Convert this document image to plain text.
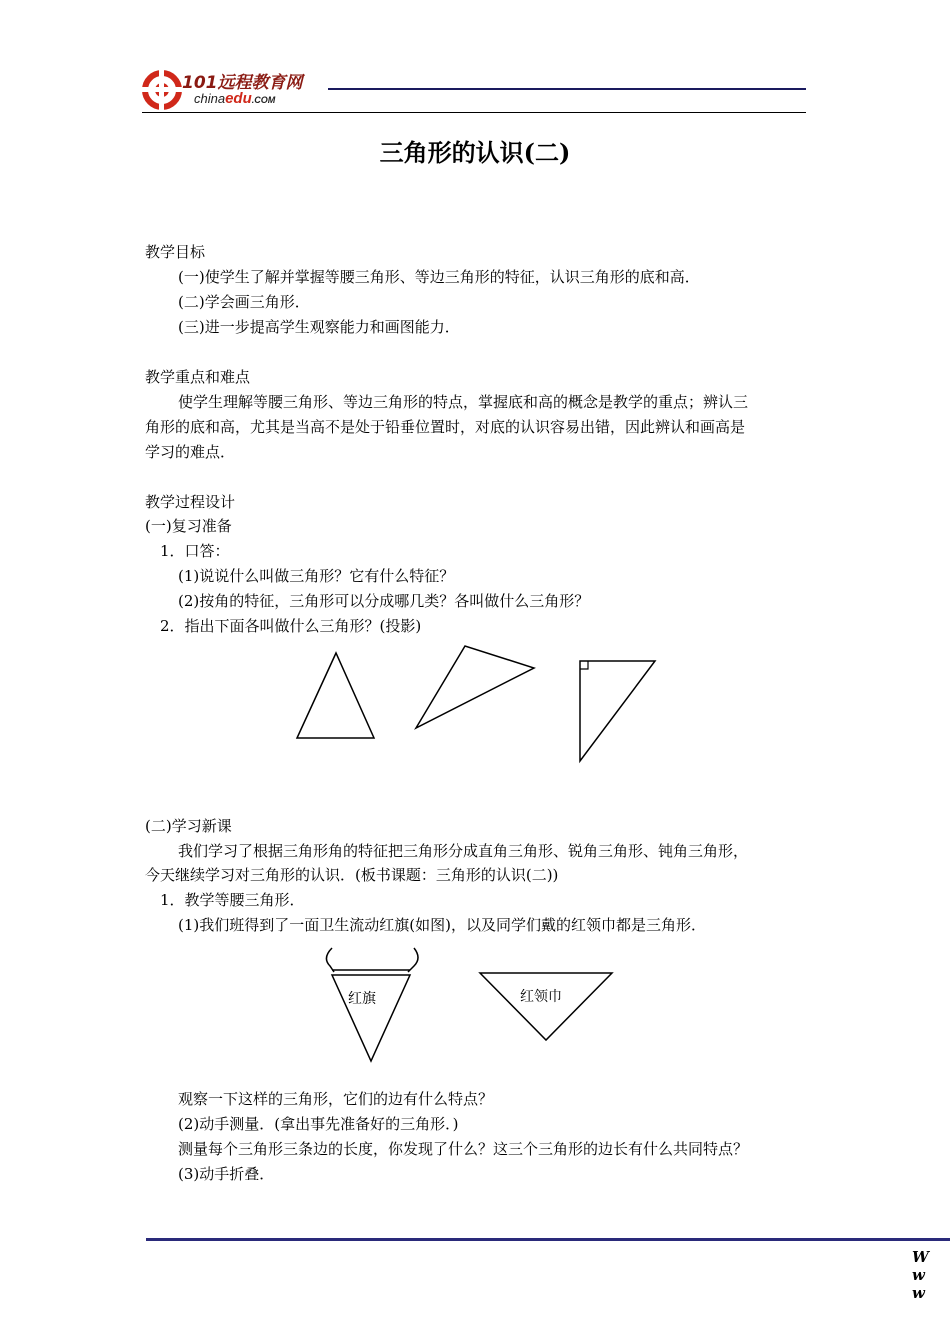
101远程教育网
chinaedu.COM
三角形的认识(二)
教学目标
(一)使学生了解并掌握等腰三角形、等边三角形的特征，认识三角形的底和高．
(二)学会画三角形．
(三)进一步提高学生观察能力和画图能力．
教学重点和难点
使学生理解等腰三角形、等边三角形的特点，掌握底和高的概念是教学的重点；辨认三
角形的底和高，尤其是当高不是处于铅垂位置时，对底的认识容易出错，因此辨认和画高是
学习的难点．
教学过程设计
(一)复习准备
1．口答：
(1)说说什么叫做三角形？它有什么特征？
(2)按角的特征，三角形可以分成哪几类？各叫做什么三角形？
2．指出下面各叫做什么三角形？(投影)
(二)学习新课
我们学习了根据三角形角的特征把三角形分成直角三角形、锐角三角形、钝角三角形，
今天继续学习对三角形的认识．(板书课题：三角形的认识(二))
1．教学等腰三角形．
(1)我们班得到了一面卫生流动红旗(如图)，以及同学们戴的红领巾都是三角形．
红旗	红领巾
观察一下这样的三角形，它们的边有什么特点？
(2)动手测量．(拿出事先准备好的三角形．)
测量每个三角形三条边的长度，你发现了什么？这三个三角形的边长有什么共同特点？
(3)动手折叠．
W w w
